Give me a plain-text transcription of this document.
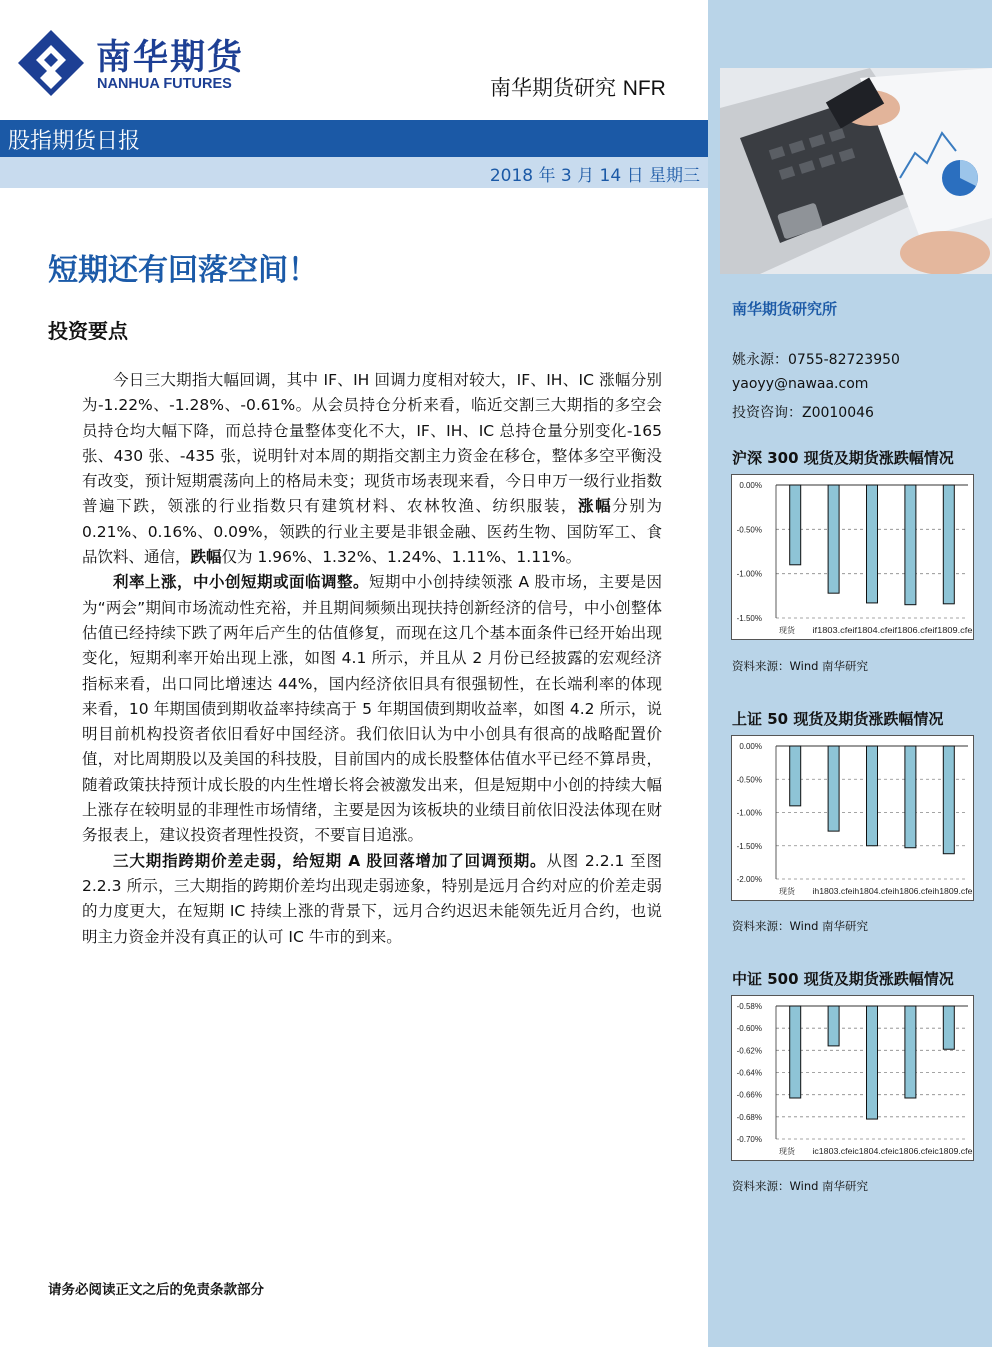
南华期货
NANHUA FUTURES	南华期货研究 NFR
股指期货日报
2018 年 3 月 14 日 星期三
短期还有回落空间！
投资要点

今日三大期指大幅回调，其中 IF、IH 回调力度相对较大，IF、IH、IC 涨幅分别为-1.22%、-1.28%、-0.61%。从会员持仓分析来看，临近交割三大期指的多空会员持仓均大幅下降，而总持仓量整体变化不大，IF、IH、IC 总持仓量分别变化-165 张、430 张、-435 张，说明针对本周的期指交割主力资金在移仓，整体多空平衡没有改变，预计短期震荡向上的格局未变；现货市场表现来看，今日申万一级行业指数普遍下跌，领涨的行业指数只有建筑材料、农林牧渔、纺织服装，涨幅分别为 0.21%、0.16%、0.09%，领跌的行业主要是非银金融、医药生物、国防军工、食品饮料、通信，跌幅仅为 1.96%、1.32%、1.24%、1.11%、1.11%。

利率上涨，中小创短期或面临调整。短期中小创持续领涨 A 股市场，主要是因为“两会”期间市场流动性充裕，并且期间频频出现扶持创新经济的信号，中小创整体估值已经持续下跌了两年后产生的估值修复，而现在这几个基本面条件已经开始出现变化，短期利率开始出现上涨，如图 4.1 所示，并且从 2 月份已经披露的宏观经济指标来看，出口同比增速达 44%，国内经济依旧具有很强韧性，在长端利率的体现来看，10 年期国债到期收益率持续高于 5 年期国债到期收益率，如图 4.2 所示，说明目前机构投资者依旧看好中国经济。我们依旧认为中小创具有很高的战略配置价值，对比周期股以及美国的科技股，目前国内的成长股整体估值水平已经不算昂贵，随着政策扶持预计成长股的内生性增长将会被激发出来，但是短期中小创的持续大幅上涨存在较明显的非理性市场情绪，主要是因为该板块的业绩目前依旧没法体现在财务报表上，建议投资者理性投资，不要盲目追涨。

三大期指跨期价差走弱，给短期 A 股回落增加了回调预期。从图 2.2.1 至图 2.2.3 所示，三大期指的跨期价差均出现走弱迹象，特别是远月合约对应的价差走弱的力度更大，在短期 IC 持续上涨的背景下，远月合约迟迟未能领先近月合约，也说明主力资金并没有真正的认可 IC 牛市的到来。

请务必阅读正文之后的免责条款部分
南华期货研究所
姚永源：0755-82723950
yaoyy@nawaa.com
投资咨询：Z0010046
沪深 300 现货及期货涨跌幅情况
0.00%
-0.50%
-1.00%
-1.50%
现货 if1803.cfeif1804.cfeif1806.cfeif1809.cfe
资料来源：Wind 南华研究
上证 50 现货及期货涨跌幅情况
0.00%
-0.50%
-1.00%
-1.50%
-2.00%
现货 ih1803.cfeih1804.cfeih1806.cfeih1809.cfe
资料来源：Wind 南华研究
中证 500 现货及期货涨跌幅情况
-0.58%
-0.60%
-0.62%
-0.64%
-0.66%
-0.68%
-0.70%
现货 ic1803.cfeic1804.cfeic1806.cfeic1809.cfe
资料来源：Wind 南华研究
